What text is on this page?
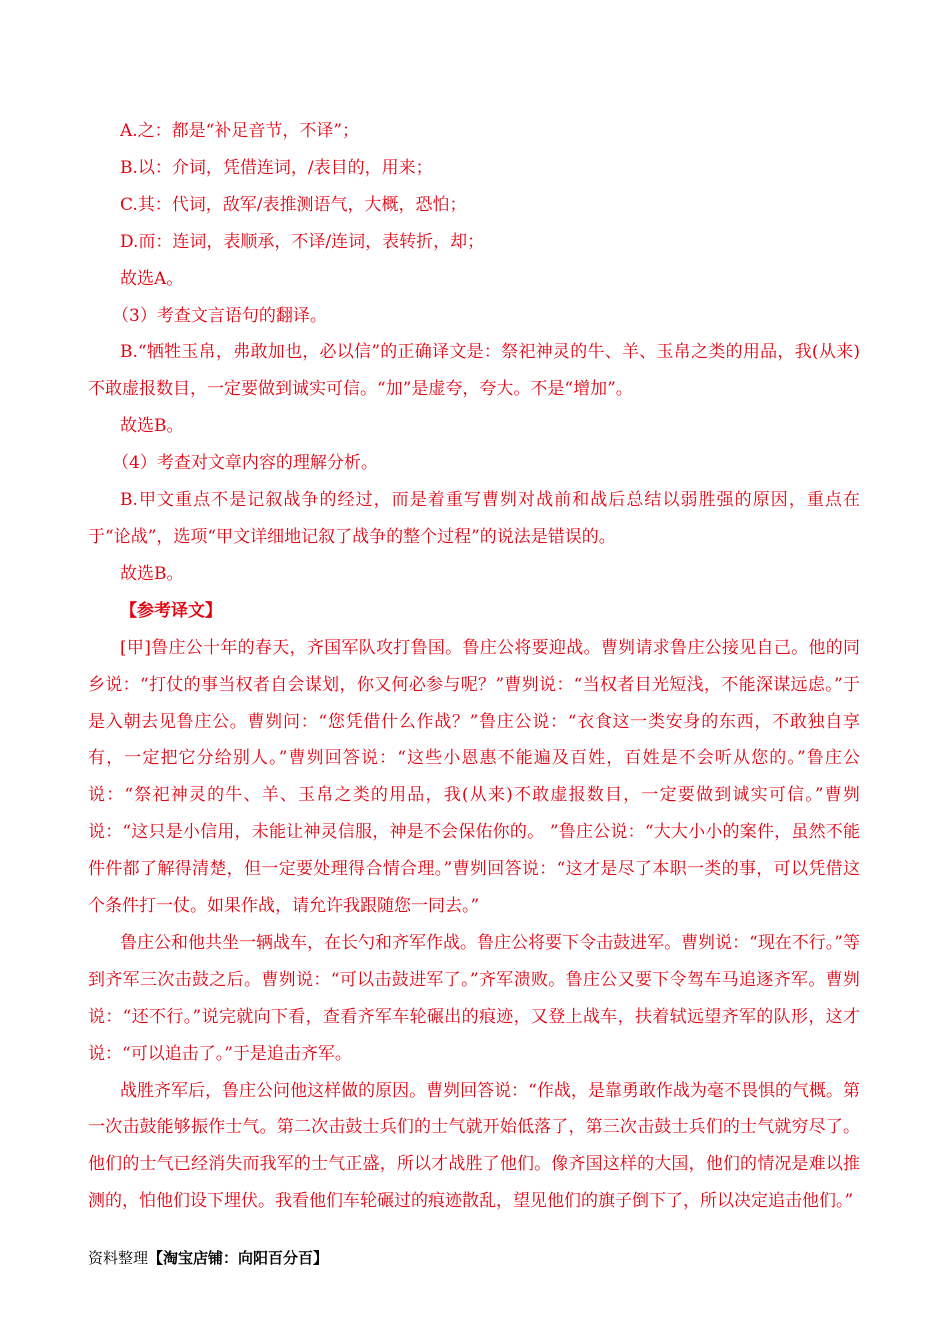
A.之：都是“补足音节，不译”；

B.以：介词，凭借连词，/表目的，用来；

C.其：代词，敌军/表推测语气，大概，恐怕；

D.而：连词，表顺承，不译/连词，表转折，却；

故选A。

（3）考查文言语句的翻译。

B.“牺牲玉帛，弗敢加也，必以信”的正确译文是：祭祀神灵的牛、羊、玉帛之类的用品，我(从来)不敢虚报数目，一定要做到诚实可信。“加”是虚夸，夸大。不是“增加”。

故选B。

（4）考查对文章内容的理解分析。

B.甲文重点不是记叙战争的经过，而是着重写曹刿对战前和战后总结以弱胜强的原因，重点在于“论战”，选项“甲文详细地记叙了战争的整个过程”的说法是错误的。

故选B。

【参考译文】

[甲]鲁庄公十年的春天，齐国军队攻打鲁国。鲁庄公将要迎战。曹刿请求鲁庄公接见自己。他的同乡说：“打仗的事当权者自会谋划，你又何必参与呢？”曹刿说：“当权者目光短浅，不能深谋远虑。”于是入朝去见鲁庄公。曹刿问：“您凭借什么作战？”鲁庄公说：“衣食这一类安身的东西，不敢独自享有，一定把它分给别人。”曹刿回答说：“这些小恩惠不能遍及百姓，百姓是不会听从您的。”鲁庄公说：“祭祀神灵的牛、羊、玉帛之类的用品，我(从来)不敢虚报数目，一定要做到诚实可信。”曹刿说：“这只是小信用，未能让神灵信服，神是不会保佑你的。 ”鲁庄公说：“大大小小的案件，虽然不能件件都了解得清楚，但一定要处理得合情合理。”曹刿回答说：“这才是尽了本职一类的事，可以凭借这个条件打一仗。如果作战，请允许我跟随您一同去。”

鲁庄公和他共坐一辆战车，在长勺和齐军作战。鲁庄公将要下令击鼓进军。曹刿说：“现在不行。”等到齐军三次击鼓之后。曹刿说：“可以击鼓进军了。”齐军溃败。鲁庄公又要下令驾车马追逐齐军。曹刿说：“还不行。”说完就向下看，查看齐军车轮碾出的痕迹，又登上战车，扶着轼远望齐军的队形，这才说：“可以追击了。”于是追击齐军。

战胜齐军后，鲁庄公问他这样做的原因。曹刿回答说：“作战，是靠勇敢作战为毫不畏惧的气概。第一次击鼓能够振作士气。第二次击鼓士兵们的士气就开始低落了，第三次击鼓士兵们的士气就穷尽了。他们的士气已经消失而我军的士气正盛，所以才战胜了他们。像齐国这样的大国，他们的情况是难以推测的，怕他们设下埋伏。我看他们车轮碾过的痕迹散乱，望见他们的旗子倒下了，所以决定追击他们。”

资料整理【淘宝店铺：向阳百分百】
